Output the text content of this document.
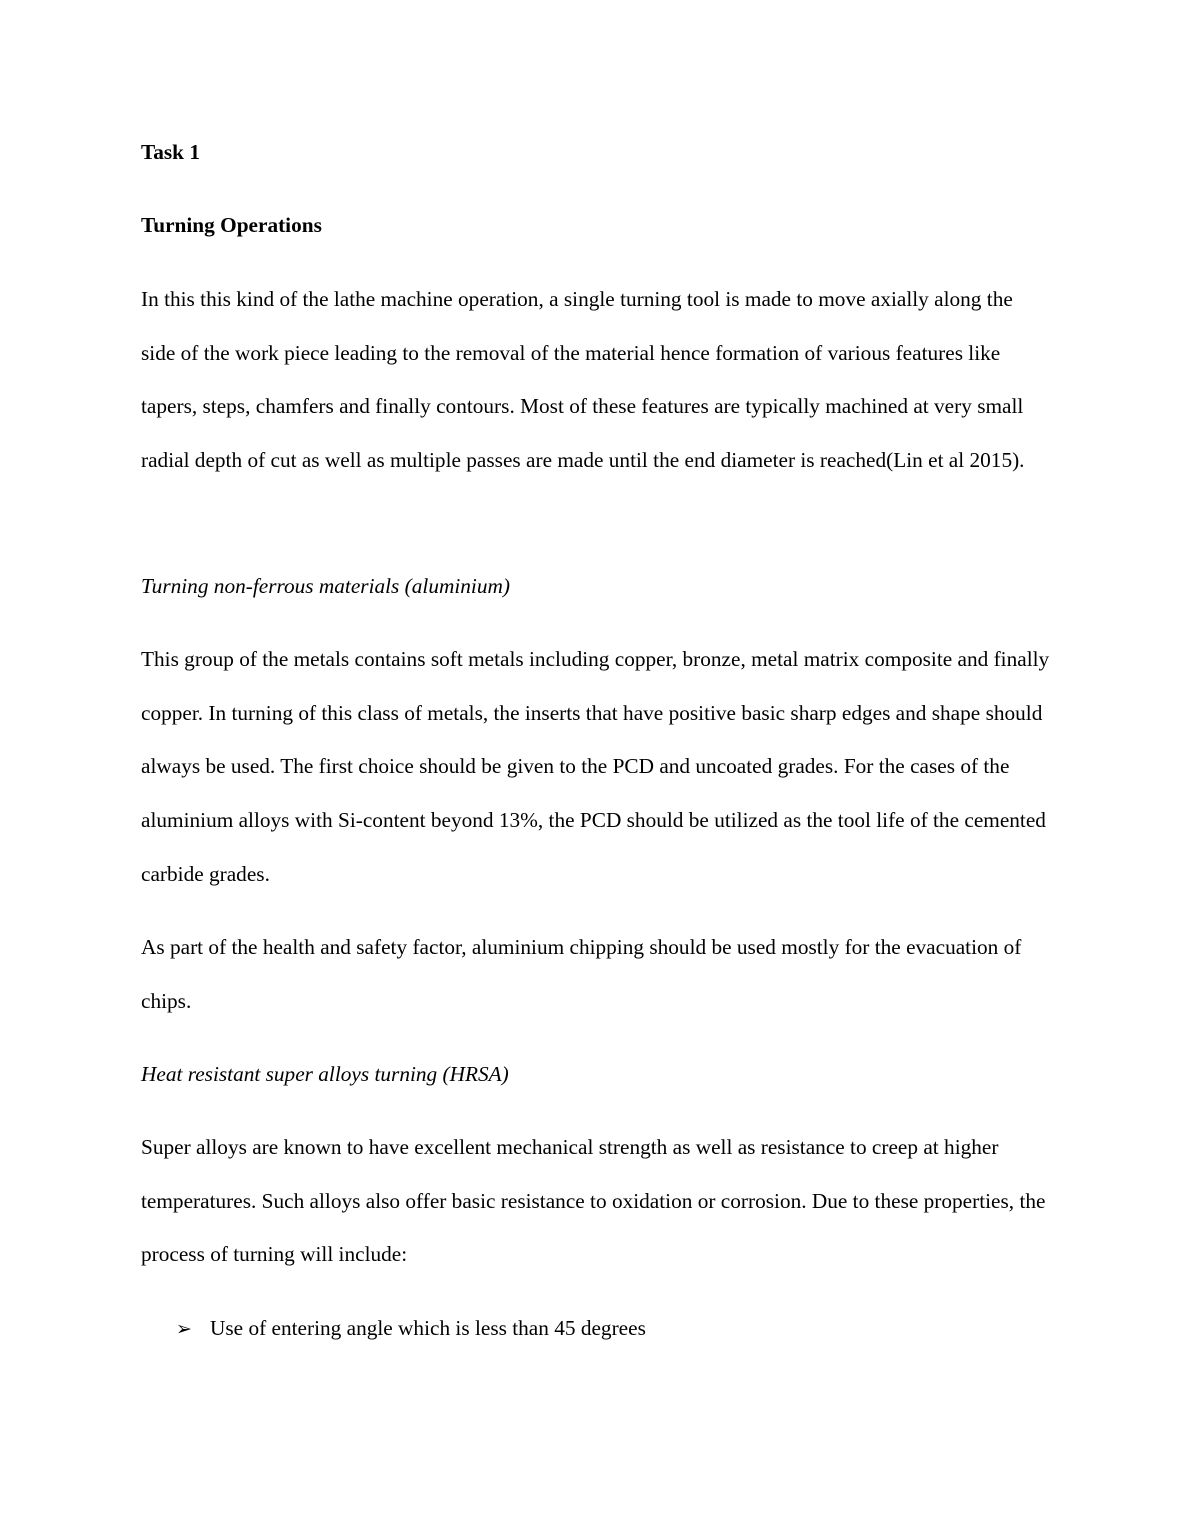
Task 1

Turning Operations

In this this kind of the lathe machine operation, a single turning tool is made to move axially along the side of the work piece leading to the removal of the material hence formation of various features like tapers, steps, chamfers and finally contours. Most of these features are typically machined at very small radial depth of cut as well as multiple passes are made until the end diameter is reached(Lin et al 2015).

Turning non-ferrous materials (aluminium)

This group of the metals contains soft metals including copper, bronze, metal matrix composite and finally copper. In turning of this class of metals, the inserts that have positive basic sharp edges and shape should always be used. The first choice should be given to the PCD and uncoated grades. For the cases of the aluminium alloys with Si-content beyond 13%, the PCD should be utilized as the tool life of the cemented carbide grades.

As part of the health and safety factor, aluminium chipping should be used mostly for the evacuation of chips.

Heat resistant super alloys turning (HRSA)

Super alloys are known to have excellent mechanical strength as well as resistance to creep at higher temperatures. Such alloys also offer basic resistance to oxidation or corrosion. Due to these properties, the process of turning will include:

➢ Use of entering angle which is less than 45 degrees
